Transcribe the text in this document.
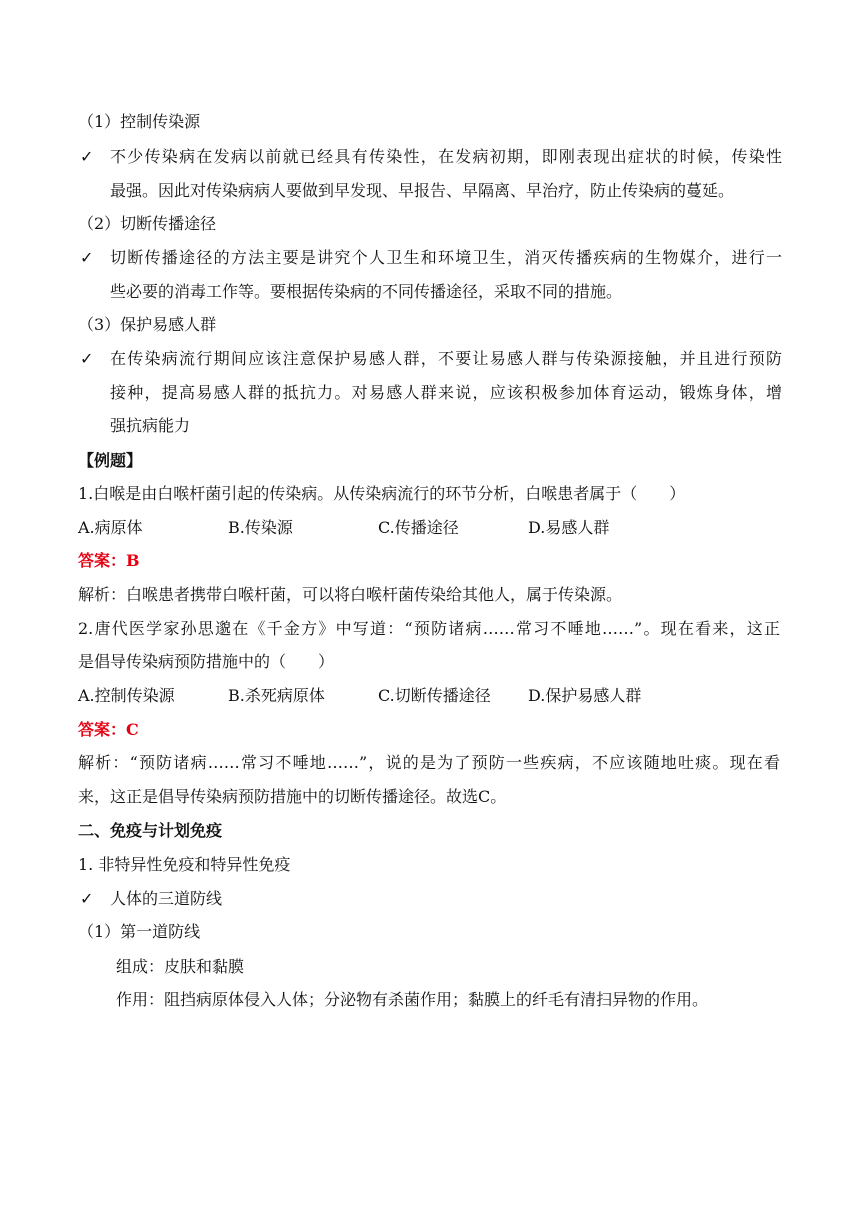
（1）控制传染源
✓ 不少传染病在发病以前就已经具有传染性，在发病初期，即刚表现出症状的时候，传染性
最强。因此对传染病病人要做到早发现、早报告、早隔离、早治疗，防止传染病的蔓延。
（2）切断传播途径
✓ 切断传播途径的方法主要是讲究个人卫生和环境卫生，消灭传播疾病的生物媒介，进行一
些必要的消毒工作等。要根据传染病的不同传播途径，采取不同的措施。
（3）保护易感人群
✓ 在传染病流行期间应该注意保护易感人群，不要让易感人群与传染源接触，并且进行预防
接种，提高易感人群的抵抗力。对易感人群来说，应该积极参加体育运动，锻炼身体，增
强抗病能力
【例题】
1.白喉是由白喉杆菌引起的传染病。从传染病流行的环节分析，白喉患者属于（　　）
A.病原体	B.传染源	C.传播途径	D.易感人群
答案：B
解析：白喉患者携带白喉杆菌，可以将白喉杆菌传染给其他人，属于传染源。
2.唐代医学家孙思邈在《千金方》中写道：“预防诸病……常习不唾地……”。现在看来，这正
是倡导传染病预防措施中的（　　）
A.控制传染源	B.杀死病原体	C.切断传播途径 D.保护易感人群
答案：C
解析：“预防诸病……常习不唾地……”，说的是为了预防一些疾病，不应该随地吐痰。现在看
来，这正是倡导传染病预防措施中的切断传播途径。故选C。
二、免疫与计划免疫
1. 非特异性免疫和特异性免疫
✓ 人体的三道防线
（1）第一道防线
组成：皮肤和黏膜
作用：阻挡病原体侵入人体；分泌物有杀菌作用；黏膜上的纤毛有清扫异物的作用。
